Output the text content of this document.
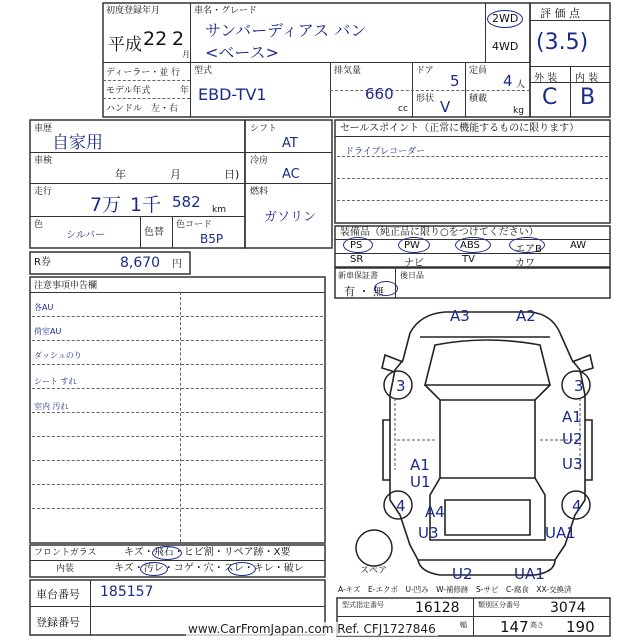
初度登録年月
平成 22 2
月
車名・グレード
サンバーディアス バン
<ベース>
2WD
4WD
ディーラー・並 行
モデル年式	年
ハンドル　左・右
型式
EBD-TV1
排気量
660
cc
ドア
5
形状 V
定員
4 人
積載
kg
評 価 点
(3.5)
外 装 内 装
C B
車歴
自家用
車検
年	月	日)
走行
7万 1千 582 km
色
シルバー	色替
色コード
B5P
シフト
AT
冷房
AC
燃料
ガソリン
セールスポイント（正常に機能するものに限ります）
ドライブレコーダー
装備品（純正品に限り○をつけてください）
PS	PW	ABS	エアB	AW
SR	ナビ	TV	カワ
新車保証書
有 ・ 無
後日品
R券	8,670 円
注意事項申告欄
各AU
荷室AU
ダッシュのり
シート すれ
室内 汚れ
フロントガラス	キズ・飛石・ヒビ割・リペア跡・X要
内装	キズ・汚レ・コゲ・穴・スレ・キレ・破レ
車台番号 185157
登録番号
A3	A2
3	3
A1
U2
U3
A1
U1
4 A4
U3
4
UA1
U2	UA1
スペア
A-キズ　E-エクボ　U-凹み　W-補修跡　S-サビ　C-腐食　XX-交換済
型式指定番号 16128	類別区分番号 3074
幅 147 高さ 190
www.CarFromJapan.com Ref. CFJ1727846
